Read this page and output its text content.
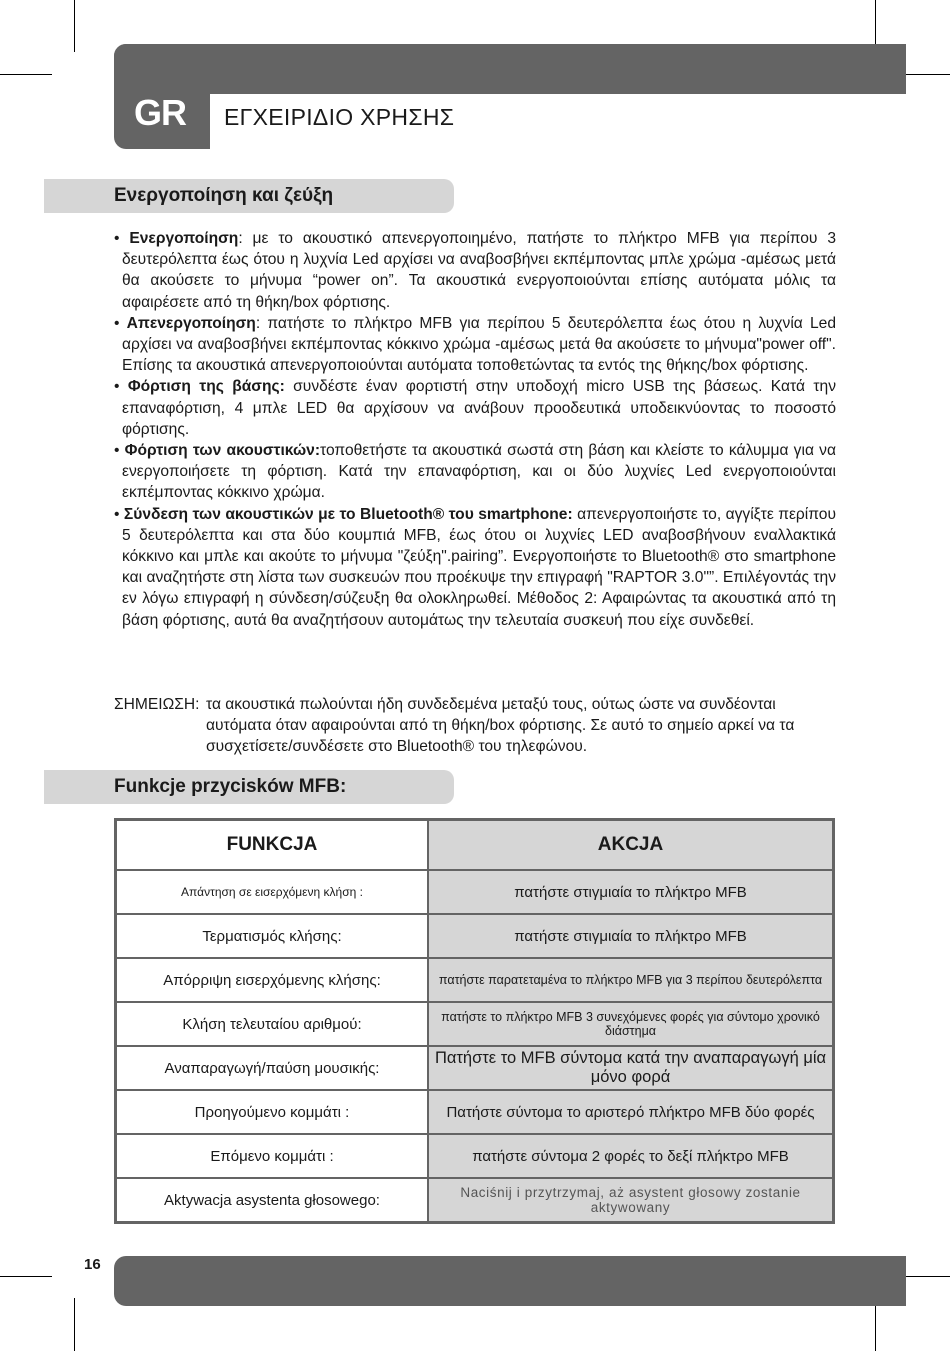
GR ΕΓΧΕΙΡΙΔΙΟ ΧΡΗΣΗΣ
Ενεργοποίηση και ζεύξη

• Ενεργοποίηση: με το ακουστικό απενεργοποιημένο, πατήστε το πλήκτρο MFB για περίπου 3 δευτερόλεπτα έως ότου η λυχνία Led αρχίσει να αναβοσβήνει εκπέμποντας μπλε χρώμα -αμέσως μετά θα ακούσετε το μήνυμα “power on”. Τα ακουστικά ενεργοποιούνται επίσης αυτόματα μόλις τα αφαιρέσετε από τη θήκη/box φόρτισης.

• Απενεργοποίηση: πατήστε το πλήκτρο MFB για περίπου 5 δευτερόλεπτα έως ότου η λυχνία Led αρχίσει να αναβοσβήνει εκπέμποντας κόκκινο χρώμα -αμέσως μετά θα ακούσετε το μήνυμα"power off". Επίσης τα ακουστικά απενεργοποιούνται αυτόματα τοποθετώντας τα εντός της θήκης/box φόρτισης.

• Φόρτιση της βάσης: συνδέστε έναν φορτιστή στην υποδοχή micro USB της βάσεως. Κατά την επαναφόρτιση, 4 μπλε LED θα αρχίσουν να ανάβουν προοδευτικά υποδεικνύοντας το ποσοστό φόρτισης.

• Φόρτιση των ακουστικών:τοποθετήστε τα ακουστικά σωστά στη βάση και κλείστε το κάλυμμα για να ενεργοποιήσετε τη φόρτιση. Κατά την επαναφόρτιση, και οι δύο λυχνίες Led ενεργοποιούνται εκπέμποντας κόκκινο χρώμα.

• Σύνδεση των ακουστικών με το Bluetooth® του smartphone: απενεργοποιήστε το, αγγίξτε περίπου 5 δευτερόλεπτα και στα δύο κουμπιά MFB, έως ότου οι λυχνίες LED αναβοσβήνουν εναλλακτικά κόκκινο και μπλε και ακούτε το μήνυμα "ζεύξη".pairing”. Ενεργοποιήστε το Bluetooth® στο smartphone και αναζητήστε στη λίστα των συσκευών που προέκυψε την επιγραφή "RAPTOR 3.0"”. Επιλέγοντάς την εν λόγω επιγραφή η σύνδεση/σύζευξη θα ολοκληρωθεί. Μέθοδος 2: Αφαιρώντας τα ακουστικά από τη βάση φόρτισης, αυτά θα αναζητήσουν αυτομάτως την τελευταία συσκευή που είχε συνδεθεί.

ΣΗΜΕΙΩΣΗ: τα ακουστικά πωλούνται ήδη συνδεδεμένα μεταξύ τους, ούτως ώστε να συνδέονται αυτόματα όταν αφαιρούνται από τη θήκη/box φόρτισης. Σε αυτό το σημείο αρκεί να τα συσχετίσετε/συνδέσετε στο Bluetooth® του τηλεφώνου.
Funkcje przycisków MFB:
FUNKCJA	AKCJA
Απάντηση σε εισερχόμενη κλήση :	πατήστε στιγμιαία το πλήκτρο MFB
Τερματισμός κλήσης:	πατήστε στιγμιαία το πλήκτρο MFB
Απόρριψη εισερχόμενης κλήσης:	πατήστε παρατεταμένα το πλήκτρο MFB για 3 περίπου δευτερόλεπτα
Κλήση τελευταίου αριθμού:	πατήστε το πλήκτρο MFB 3 συνεχόμενες φορές για σύντομο χρονικό διάστημα
Αναπαραγωγή/παύση μουσικής:	Πατήστε το MFB σύντομα κατά την αναπαραγωγή μία μόνο φορά
Προηγούμενο κομμάτι :	Πατήστε σύντομα το αριστερό πλήκτρο MFB δύο φορές
Επόμενο κομμάτι :	πατήστε σύντομα 2 φορές το δεξί πλήκτρο MFB
Aktywacja asystenta głosowego:	Naciśnij i przytrzymaj, aż asystent głosowy zostanie aktywowany
16
